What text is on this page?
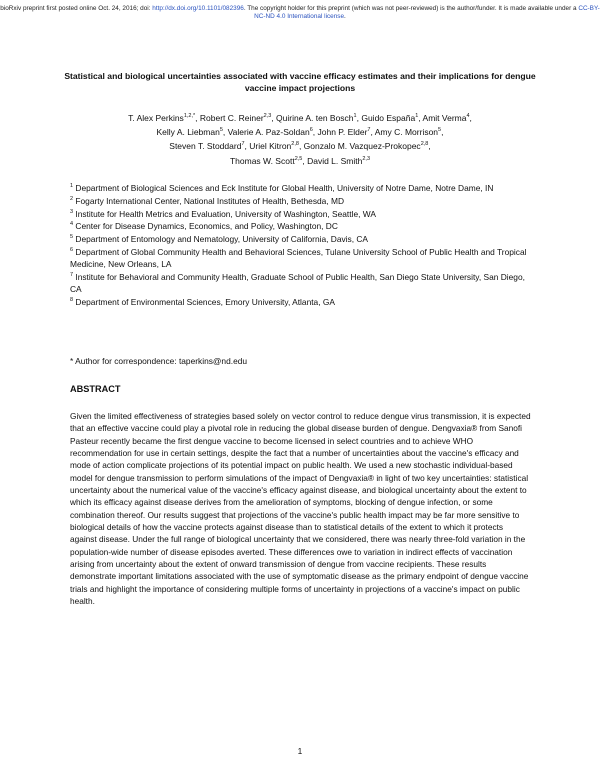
bioRxiv preprint first posted online Oct. 24, 2016; doi: http://dx.doi.org/10.1101/082396. The copyright holder for this preprint (which was not peer-reviewed) is the author/funder. It is made available under a CC-BY-NC-ND 4.0 International license.
Statistical and biological uncertainties associated with vaccine efficacy estimates and their implications for dengue vaccine impact projections
T. Alex Perkins$^{1,2,*}$, Robert C. Reiner$^{2,3}$, Quirine A. ten Bosch$^1$, Guido España$^1$, Amit Verma$^4$,
Kelly A. Liebman$^5$, Valerie A. Paz-Soldan$^6$, John P. Elder$^7$, Amy C. Morrison$^5$,
Steven T. Stoddard$^7$, Uriel Kitron$^{2,8}$, Gonzalo M. Vazquez-Prokopec$^{2,8}$,
Thomas W. Scott$^{2,5}$, David L. Smith$^{2,3}$
$^1$ Department of Biological Sciences and Eck Institute for Global Health, University of Notre Dame, Notre Dame, IN
$^2$ Fogarty International Center, National Institutes of Health, Bethesda, MD
$^3$ Institute for Health Metrics and Evaluation, University of Washington, Seattle, WA
$^4$ Center for Disease Dynamics, Economics, and Policy, Washington, DC
$^5$ Department of Entomology and Nematology, University of California, Davis, CA
$^6$ Department of Global Community Health and Behavioral Sciences, Tulane University School of Public Health and Tropical Medicine, New Orleans, LA
$^7$ Institute for Behavioral and Community Health, Graduate School of Public Health, San Diego State University, San Diego, CA
$^8$ Department of Environmental Sciences, Emory University, Atlanta, GA
* Author for correspondence: taperkins@nd.edu
ABSTRACT
Given the limited effectiveness of strategies based solely on vector control to reduce dengue virus transmission, it is expected that an effective vaccine could play a pivotal role in reducing the global disease burden of dengue. Dengvaxia® from Sanofi Pasteur recently became the first dengue vaccine to become licensed in select countries and to achieve WHO recommendation for use in certain settings, despite the fact that a number of uncertainties about the vaccine's efficacy and mode of action complicate projections of its potential impact on public health. We used a new stochastic individual-based model for dengue transmission to perform simulations of the impact of Dengvaxia® in light of two key uncertainties: statistical uncertainty about the numerical value of the vaccine's efficacy against disease, and biological uncertainty about the extent to which its efficacy against disease derives from the amelioration of symptoms, blocking of dengue infection, or some combination thereof. Our results suggest that projections of the vaccine's public health impact may be far more sensitive to biological details of how the vaccine protects against disease than to statistical details of the extent to which it protects against disease. Under the full range of biological uncertainty that we considered, there was nearly three-fold variation in the population-wide number of disease episodes averted. These differences owe to variation in indirect effects of vaccination arising from uncertainty about the extent of onward transmission of dengue from vaccine recipients. These results demonstrate important limitations associated with the use of symptomatic disease as the primary endpoint of dengue vaccine trials and highlight the importance of considering multiple forms of uncertainty in projections of a vaccine's impact on public health.
1
